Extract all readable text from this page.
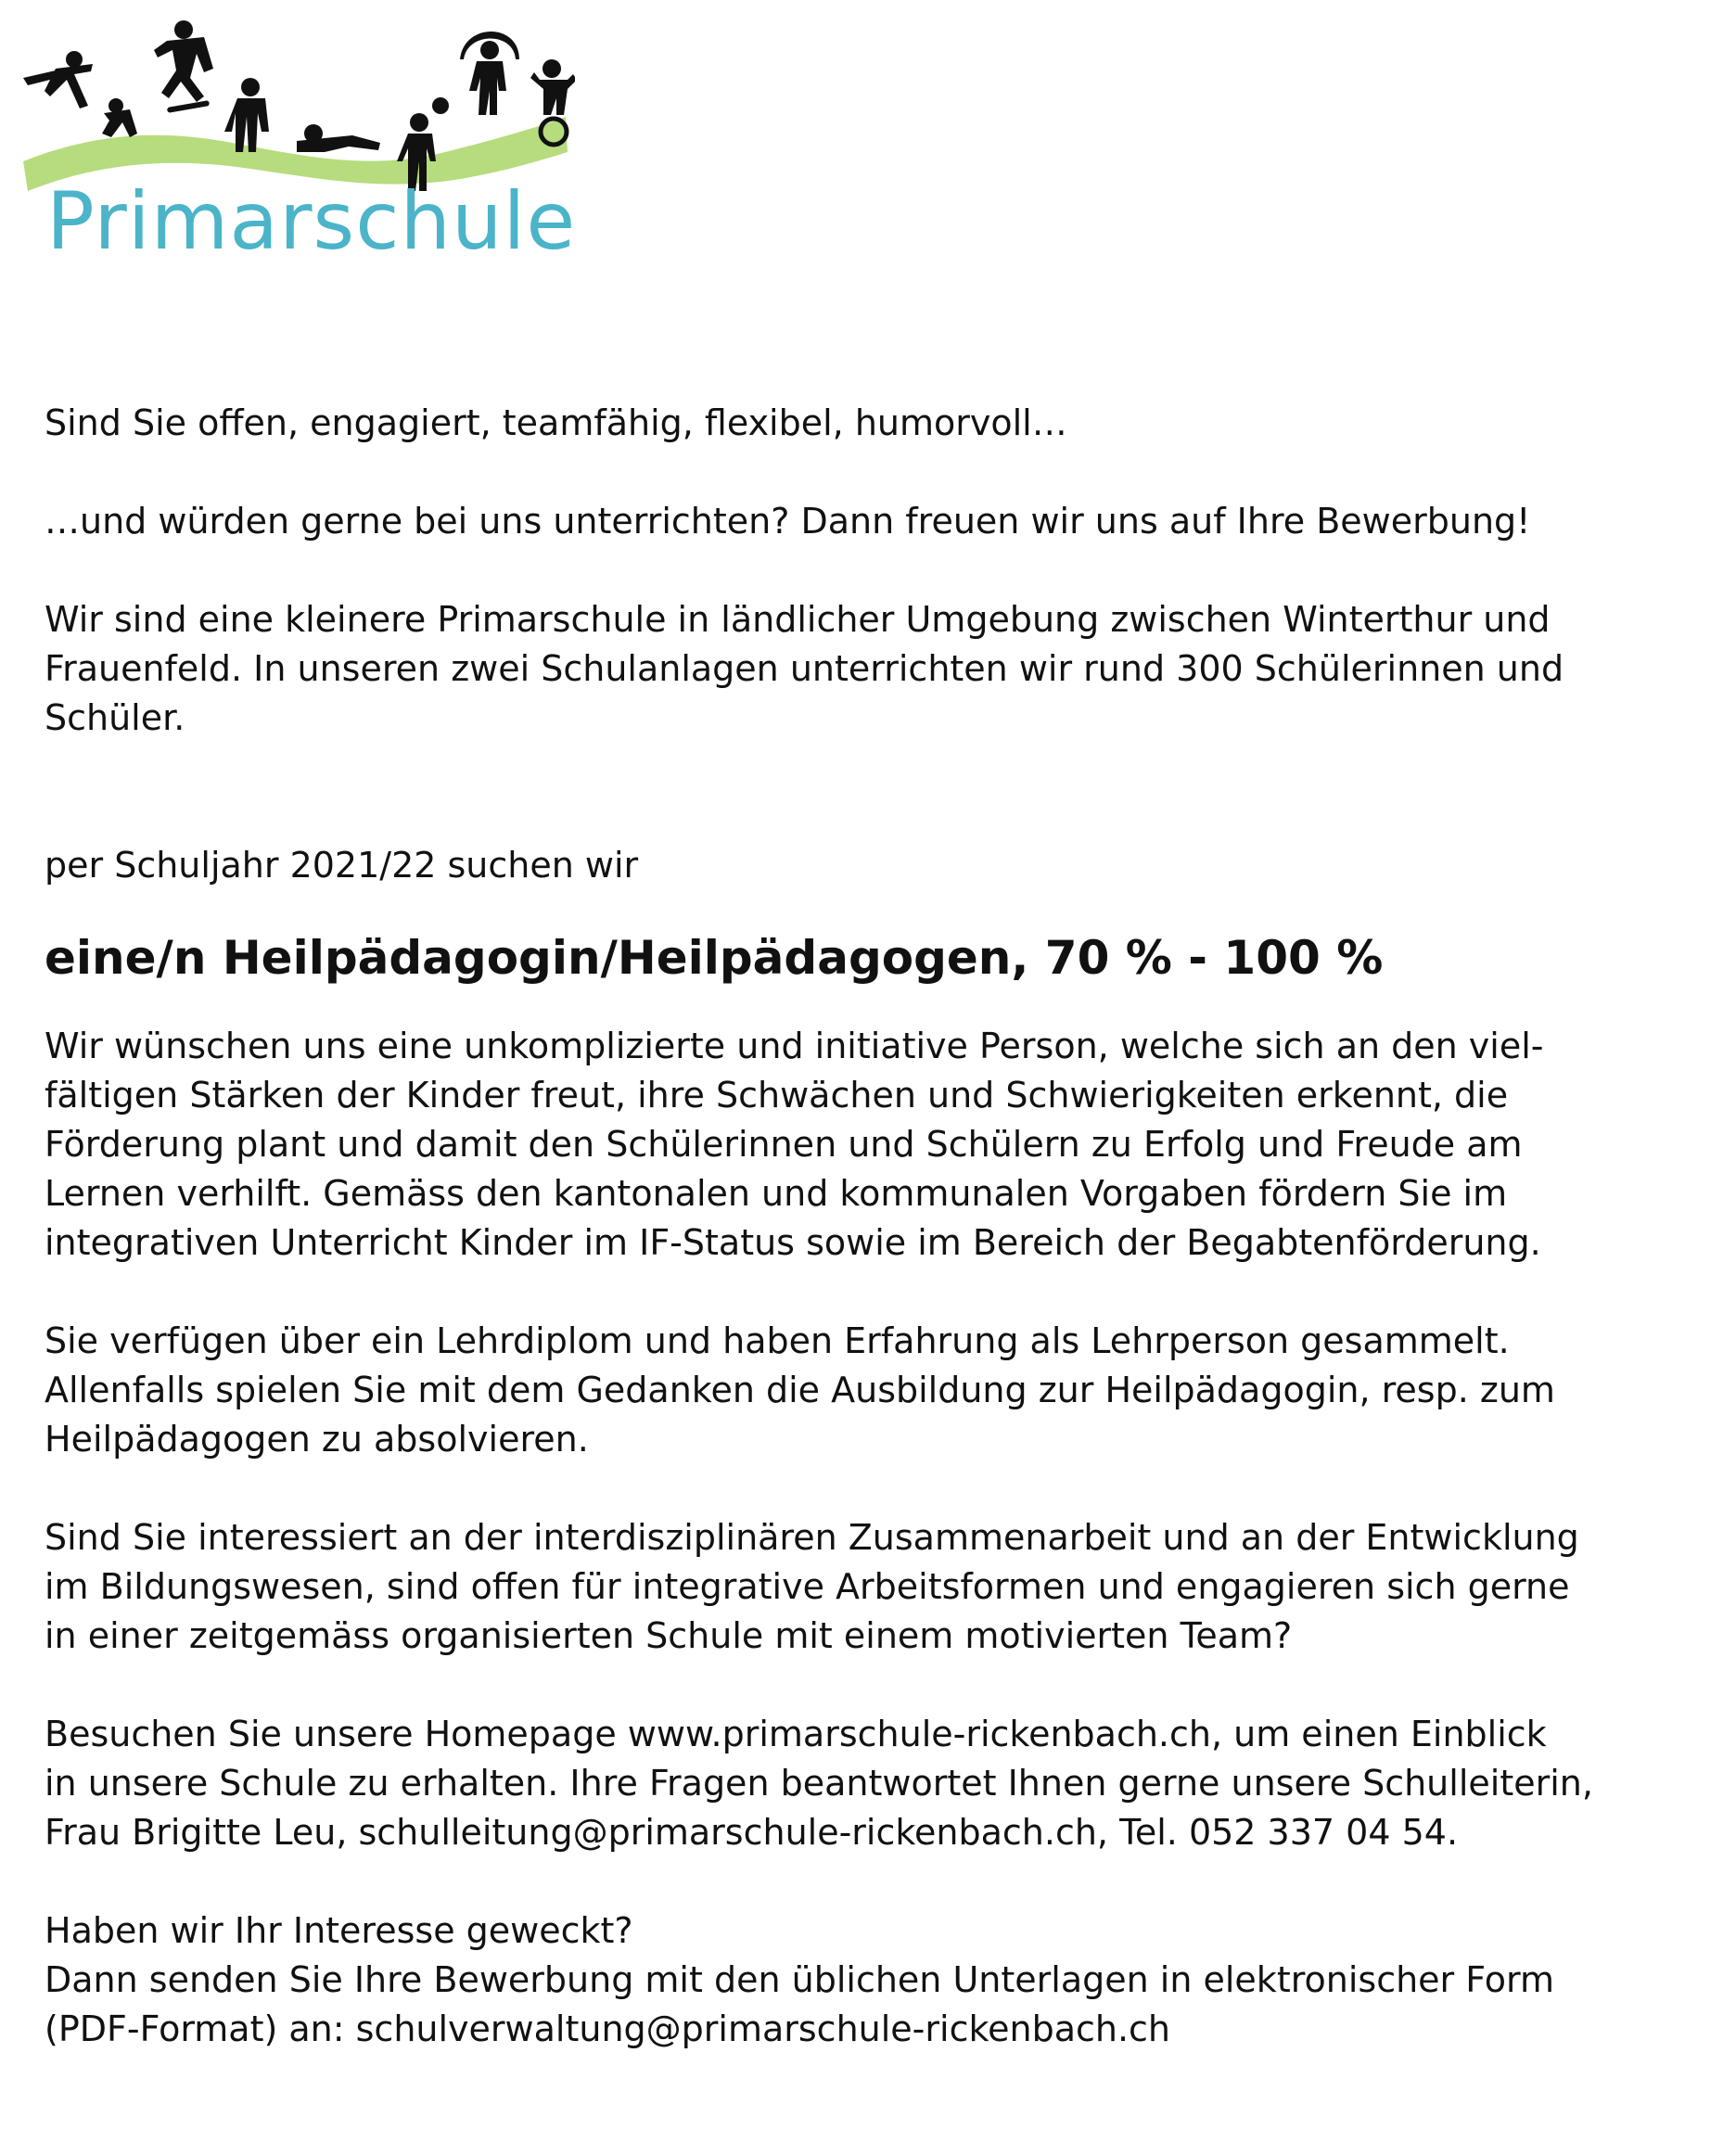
Primarschule

Sind Sie offen, engagiert, teamfähig, flexibel, humorvoll…

…und würden gerne bei uns unterrichten? Dann freuen wir uns auf Ihre Bewerbung!

Wir sind eine kleinere Primarschule in ländlicher Umgebung zwischen Winterthur und
Frauenfeld. In unseren zwei Schulanlagen unterrichten wir rund 300 Schülerinnen und
Schüler.

per Schuljahr 2021/22 suchen wir

eine/n Heilpädagogin/Heilpädagogen, 70 % - 100 %

Wir wünschen uns eine unkomplizierte und initiative Person, welche sich an den viel-
fältigen Stärken der Kinder freut, ihre Schwächen und Schwierigkeiten erkennt, die
Förderung plant und damit den Schülerinnen und Schülern zu Erfolg und Freude am
Lernen verhilft. Gemäss den kantonalen und kommunalen Vorgaben fördern Sie im
integrativen Unterricht Kinder im IF-Status sowie im Bereich der Begabtenförderung.

Sie verfügen über ein Lehrdiplom und haben Erfahrung als Lehrperson gesammelt.
Allenfalls spielen Sie mit dem Gedanken die Ausbildung zur Heilpädagogin, resp. zum
Heilpädagogen zu absolvieren.

Sind Sie interessiert an der interdisziplinären Zusammenarbeit und an der Entwicklung
im Bildungswesen, sind offen für integrative Arbeitsformen und engagieren sich gerne
in einer zeitgemäss organisierten Schule mit einem motivierten Team?

Besuchen Sie unsere Homepage www.primarschule-rickenbach.ch, um einen Einblick
in unsere Schule zu erhalten. Ihre Fragen beantwortet Ihnen gerne unsere Schulleiterin,
Frau Brigitte Leu, schulleitung@primarschule-rickenbach.ch, Tel. 052 337 04 54.

Haben wir Ihr Interesse geweckt?

Dann senden Sie Ihre Bewerbung mit den üblichen Unterlagen in elektronischer Form
(PDF-Format) an: schulverwaltung@primarschule-rickenbach.ch
